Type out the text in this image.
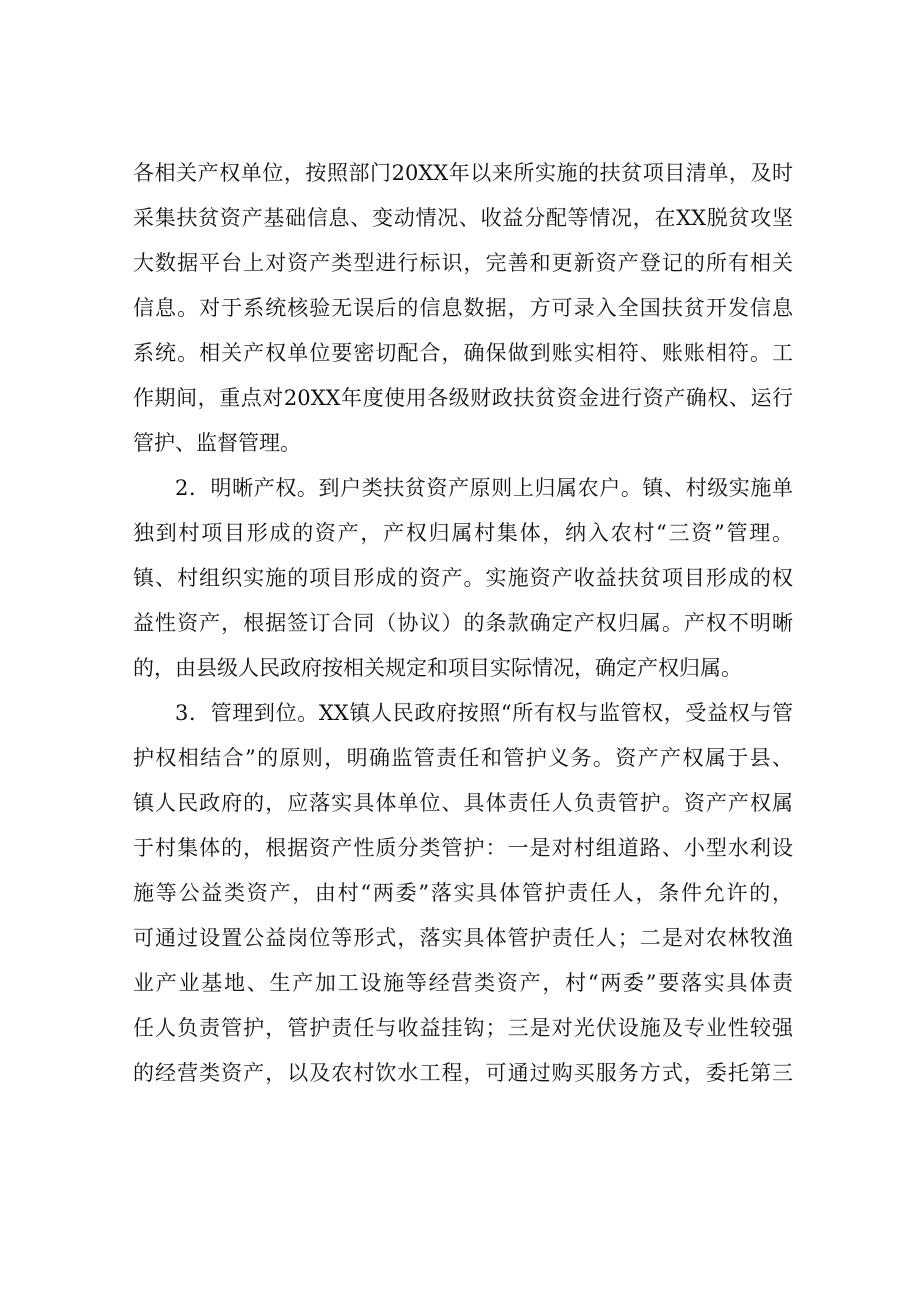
各相关产权单位，按照部门20XX年以来所实施的扶贫项目清单，及时
采集扶贫资产基础信息、变动情况、收益分配等情况，在XX脱贫攻坚
大数据平台上对资产类型进行标识，完善和更新资产登记的所有相关
信息。对于系统核验无误后的信息数据，方可录入全国扶贫开发信息
系统。相关产权单位要密切配合，确保做到账实相符、账账相符。工
作期间，重点对20XX年度使用各级财政扶贫资金进行资产确权、运行
管护、监督管理。
2．明晰产权。到户类扶贫资产原则上归属农户。镇、村级实施单
独到村项目形成的资产，产权归属村集体，纳入农村“三资”管理。
镇、村组织实施的项目形成的资产。实施资产收益扶贫项目形成的权
益性资产，根据签订合同（协议）的条款确定产权归属。产权不明晰
的，由县级人民政府按相关规定和项目实际情况，确定产权归属。
3．管理到位。XX镇人民政府按照“所有权与监管权，受益权与管
护权相结合”的原则，明确监管责任和管护义务。资产产权属于县、
镇人民政府的，应落实具体单位、具体责任人负责管护。资产产权属
于村集体的，根据资产性质分类管护：一是对村组道路、小型水利设
施等公益类资产，由村“两委”落实具体管护责任人，条件允许的，
可通过设置公益岗位等形式，落实具体管护责任人；二是对农林牧渔
业产业基地、生产加工设施等经营类资产，村“两委”要落实具体责
任人负责管护，管护责任与收益挂钩；三是对光伏设施及专业性较强
的经营类资产，以及农村饮水工程，可通过购买服务方式，委托第三
